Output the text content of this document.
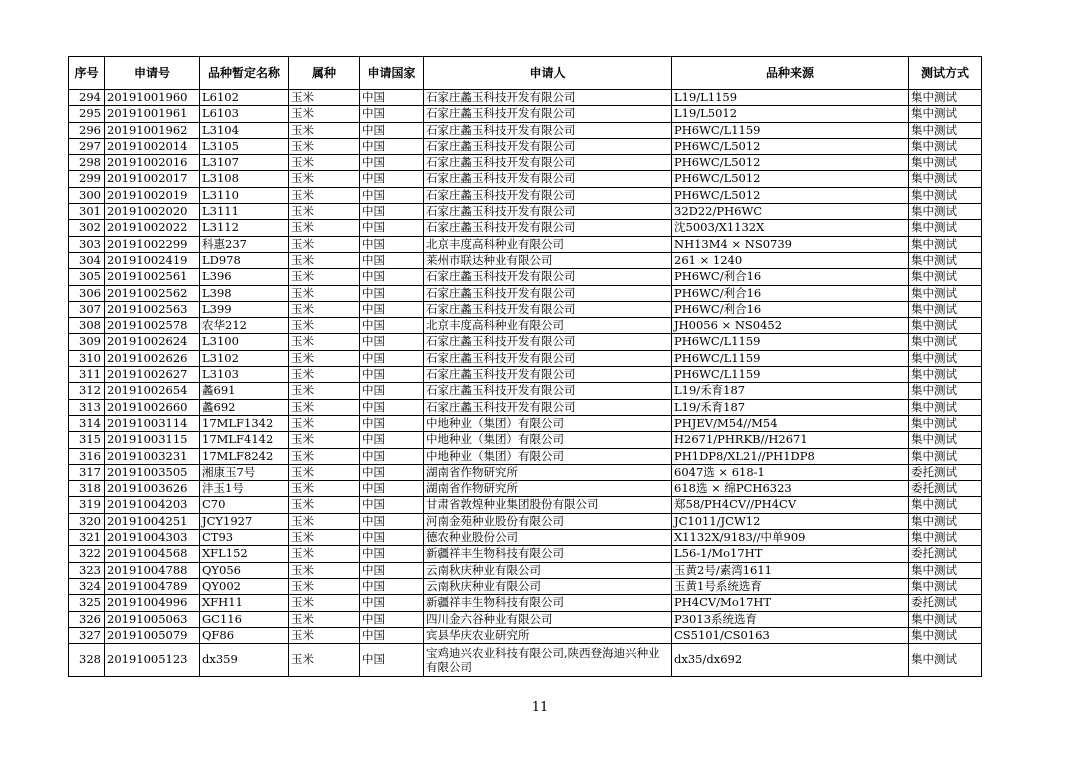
序号	申请号	品种暂定名称	属种	申请国家	申请人	品种来源	测试方式
294	20191001960	L6102	玉米	中国	石家庄蠡玉科技开发有限公司	L19/L1159	集中测试
295	20191001961	L6103	玉米	中国	石家庄蠡玉科技开发有限公司	L19/L5012	集中测试
296	20191001962	L3104	玉米	中国	石家庄蠡玉科技开发有限公司	PH6WC/L1159	集中测试
297	20191002014	L3105	玉米	中国	石家庄蠡玉科技开发有限公司	PH6WC/L5012	集中测试
298	20191002016	L3107	玉米	中国	石家庄蠡玉科技开发有限公司	PH6WC/L5012	集中测试
299	20191002017	L3108	玉米	中国	石家庄蠡玉科技开发有限公司	PH6WC/L5012	集中测试
300	20191002019	L3110	玉米	中国	石家庄蠡玉科技开发有限公司	PH6WC/L5012	集中测试
301	20191002020	L3111	玉米	中国	石家庄蠡玉科技开发有限公司	32D22/PH6WC	集中测试
302	20191002022	L3112	玉米	中国	石家庄蠡玉科技开发有限公司	沈5003/X1132X	集中测试
303	20191002299	科惠237	玉米	中国	北京丰度高科种业有限公司	NH13M4 × NS0739	集中测试
304	20191002419	LD978	玉米	中国	莱州市联达种业有限公司	261 × 1240	集中测试
305	20191002561	L396	玉米	中国	石家庄蠡玉科技开发有限公司	PH6WC/利合16	集中测试
306	20191002562	L398	玉米	中国	石家庄蠡玉科技开发有限公司	PH6WC/利合16	集中测试
307	20191002563	L399	玉米	中国	石家庄蠡玉科技开发有限公司	PH6WC/利合16	集中测试
308	20191002578	农华212	玉米	中国	北京丰度高科种业有限公司	JH0056 × NS0452	集中测试
309	20191002624	L3100	玉米	中国	石家庄蠡玉科技开发有限公司	PH6WC/L1159	集中测试
310	20191002626	L3102	玉米	中国	石家庄蠡玉科技开发有限公司	PH6WC/L1159	集中测试
311	20191002627	L3103	玉米	中国	石家庄蠡玉科技开发有限公司	PH6WC/L1159	集中测试
312	20191002654	蠡691	玉米	中国	石家庄蠡玉科技开发有限公司	L19/禾育187	集中测试
313	20191002660	蠡692	玉米	中国	石家庄蠡玉科技开发有限公司	L19/禾育187	集中测试
314	20191003114	17MLF1342	玉米	中国	中地种业（集团）有限公司	PHJEV/M54//M54	集中测试
315	20191003115	17MLF4142	玉米	中国	中地种业（集团）有限公司	H2671/PHRKB//H2671	集中测试
316	20191003231	17MLF8242	玉米	中国	中地种业（集团）有限公司	PH1DP8/XL21//PH1DP8	集中测试
317	20191003505	湘康玉7号	玉米	中国	湖南省作物研究所	6047选 × 618-1	委托测试
318	20191003626	沣玉1号	玉米	中国	湖南省作物研究所	618选 × 绵PCH6323	委托测试
319	20191004203	C70	玉米	中国	甘肃省敦煌种业集团股份有限公司	郑58/PH4CV//PH4CV	集中测试
320	20191004251	JCY1927	玉米	中国	河南金苑种业股份有限公司	JC1011/JCW12	集中测试
321	20191004303	CT93	玉米	中国	德农种业股份公司	X1132X/9183//中单909	集中测试
322	20191004568	XFL152	玉米	中国	新疆祥丰生物科技有限公司	L56-1/Mo17HT	委托测试
323	20191004788	QY056	玉米	中国	云南秋庆种业有限公司	玉黄2号/素湾1611	集中测试
324	20191004789	QY002	玉米	中国	云南秋庆种业有限公司	玉黄1号系统选育	集中测试
325	20191004996	XFH11	玉米	中国	新疆祥丰生物科技有限公司	PH4CV/Mo17HT	委托测试
326	20191005063	GC116	玉米	中国	四川金六谷种业有限公司	P3013系统选育	集中测试
327	20191005079	QF86	玉米	中国	宾县华庆农业研究所	CS5101/CS0163	集中测试
328	20191005123	dx359	玉米	中国	宝鸡迪兴农业科技有限公司,陕西登海迪兴种业有限公司	dx35/dx692	集中测试
11
